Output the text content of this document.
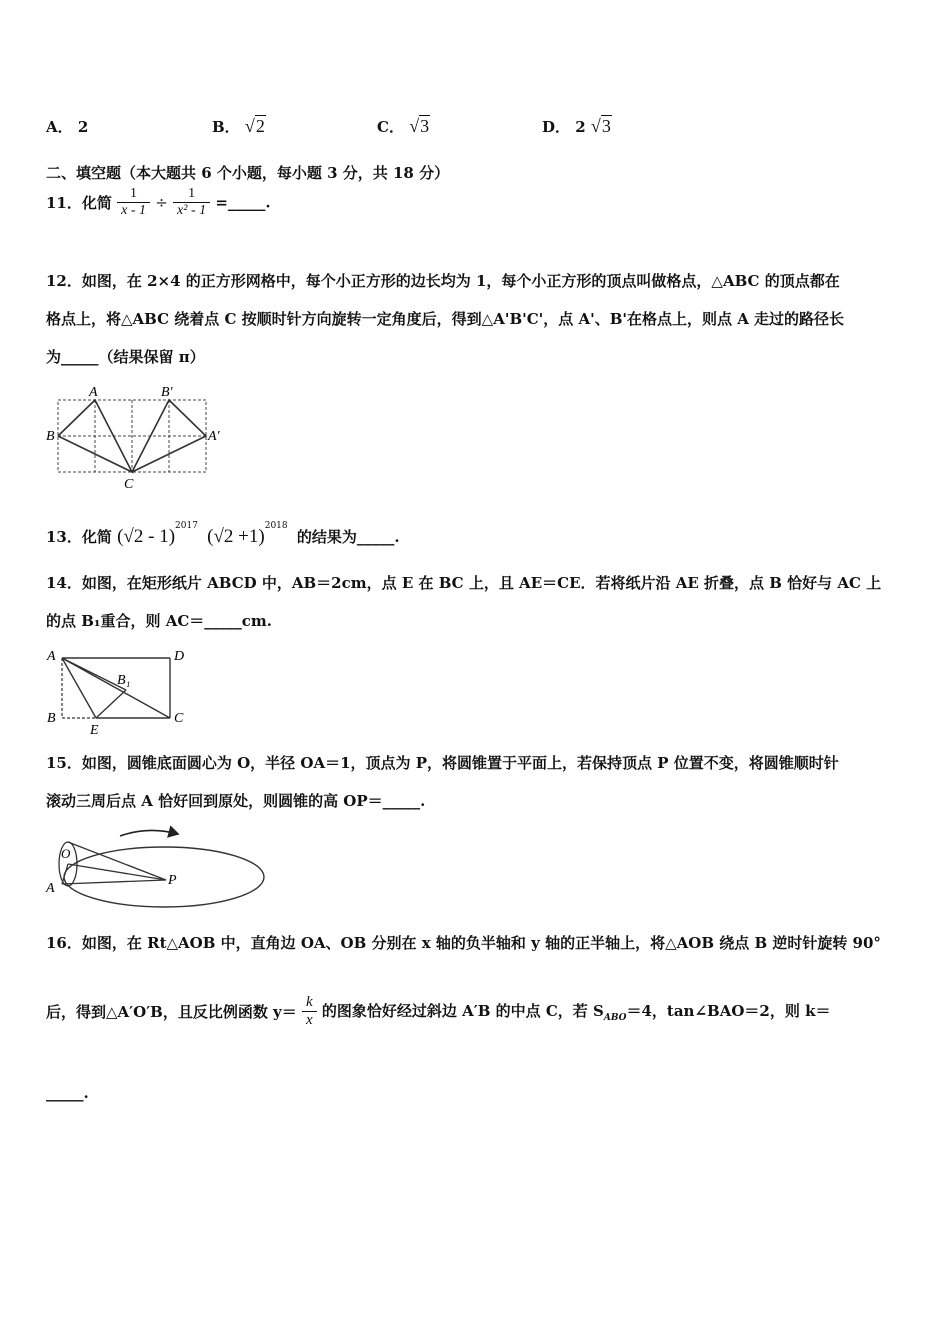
A． 2	B． √2	C． √3	D． 2 √3
二、填空题（本大题共 6 个小题，每小题 3 分，共 18 分）
11．化简 $\frac{1}{x - 1} \div \frac{1}{\text{x² - 1}}$ =_____.
12．如图，在 2×4 的正方形网格中，每个小正方形的边长均为 1，每个小正方形的顶点叫做格点，△ABC 的顶点都在
格点上，将△ABC 绕着点 C 按顺时针方向旋转一定角度后，得到△A'B'C'，点 A'、B'在格点上，则点 A 走过的路径长
为_____（结果保留 π）
A
B
C
B′
A′
13．化简 (√2 - 1)$^{2017}$ $(√2 +1)^{2018}$ 的结果为_____.
14．如图，在矩形纸片 ABCD 中，AB＝2cm，点 E 在 BC 上，且 AE＝CE．若将纸片沿 AE 折叠，点 B 恰好与 AC 上
的点 B₁重合，则 AC＝_____cm.
A	D
B	C
E
B₁
15．如图，圆锥底面圆心为 O，半径 OA＝1，顶点为 P，将圆锥置于平面上，若保持顶点 P 位置不变，将圆锥顺时针
滚动三周后点 A 恰好回到原处，则圆锥的高 OP＝_____.
O
A
P
16．如图，在 Rt△AOB 中，直角边 OA、OB 分别在 x 轴的负半轴和 y 轴的正半轴上，将△AOB 绕点 B 逆时针旋转 90°
后，得到△A′O′B，且反比例函数 $y= \frac{k}{x}$ 的图象恰好经过斜边 A′B 的中点 C，若 $S_{ABO}=4$，tan∠BAO＝2，则 k＝
_____.
